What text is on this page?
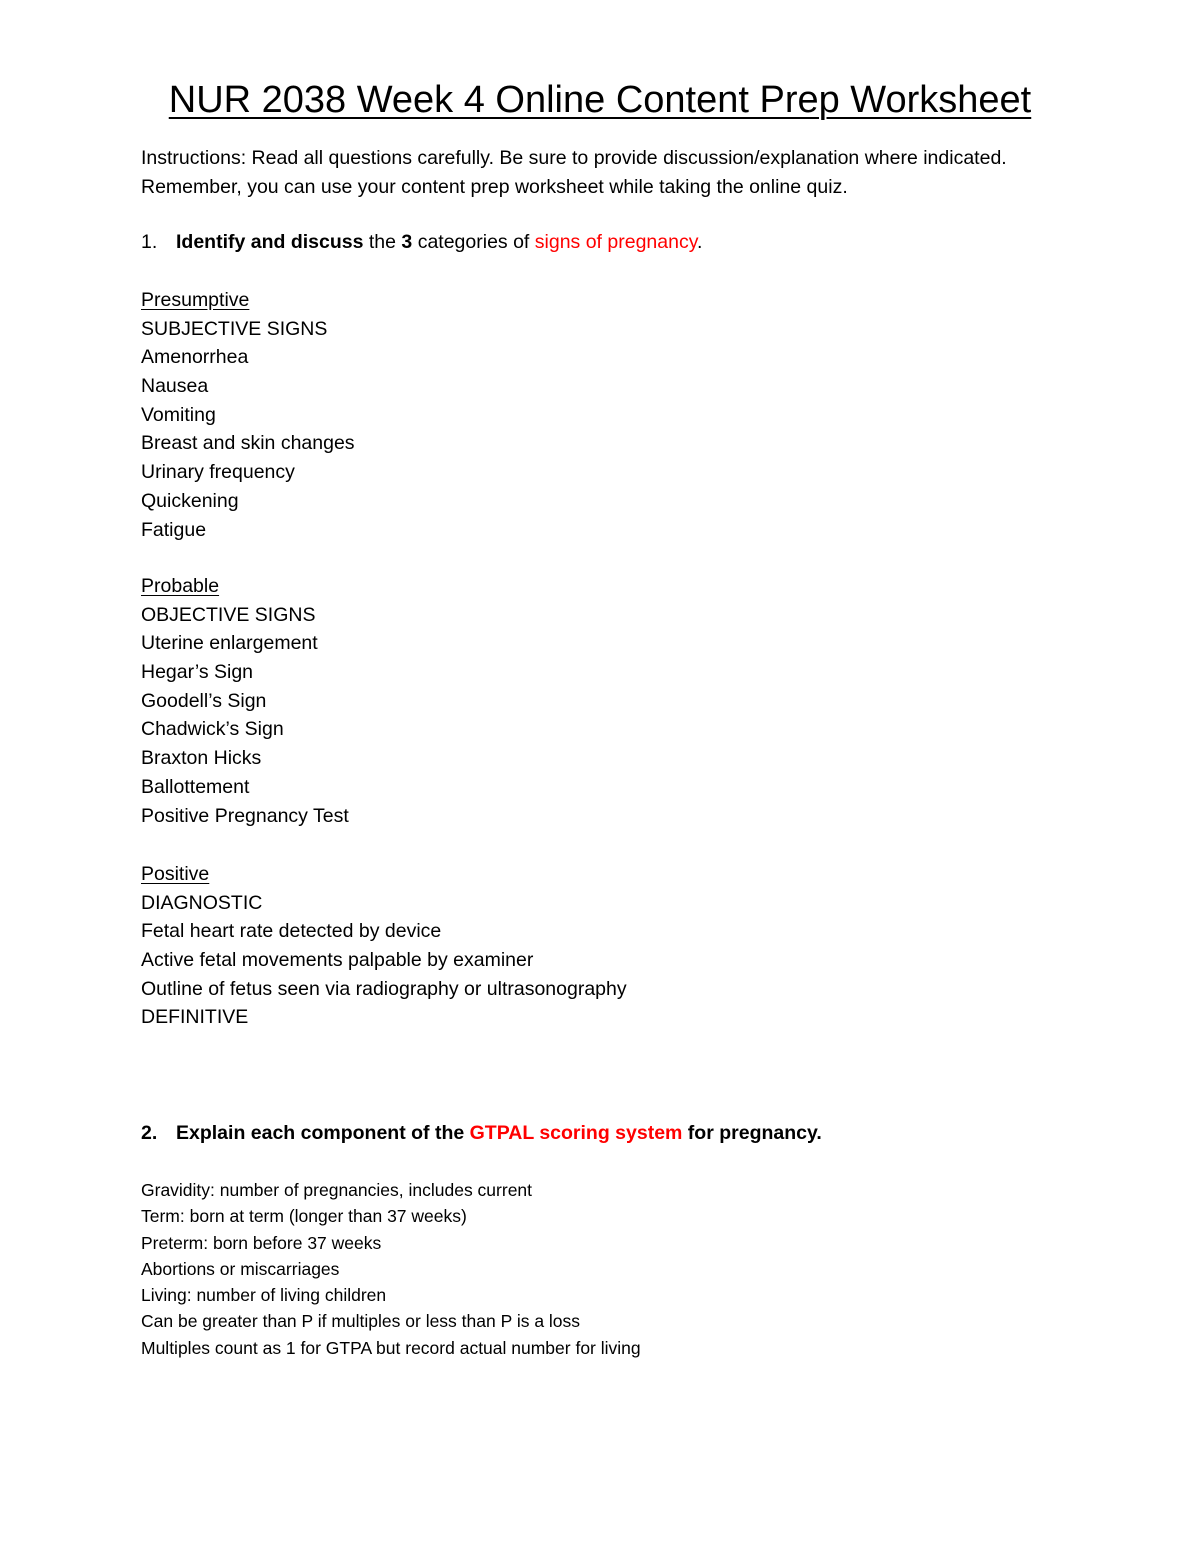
NUR 2038 Week 4 Online Content Prep Worksheet
Instructions: Read all questions carefully. Be sure to provide discussion/explanation where indicated. Remember, you can use your content prep worksheet while taking the online quiz.
1. Identify and discuss the 3 categories of signs of pregnancy.
Presumptive
SUBJECTIVE SIGNS
Amenorrhea
Nausea
Vomiting
Breast and skin changes
Urinary frequency
Quickening
Fatigue
Probable
OBJECTIVE SIGNS
Uterine enlargement
Hegar’s Sign
Goodell’s Sign
Chadwick’s Sign
Braxton Hicks
Ballottement
Positive Pregnancy Test
Positive
DIAGNOSTIC
Fetal heart rate detected by device
Active fetal movements palpable by examiner
Outline of fetus seen via radiography or ultrasonography
DEFINITIVE
2. Explain each component of the GTPAL scoring system for pregnancy.
Gravidity: number of pregnancies, includes current
Term: born at term (longer than 37 weeks)
Preterm: born before 37 weeks
Abortions or miscarriages
Living: number of living children
Can be greater than P if multiples or less than P is a loss
Multiples count as 1 for GTPA but record actual number for living
